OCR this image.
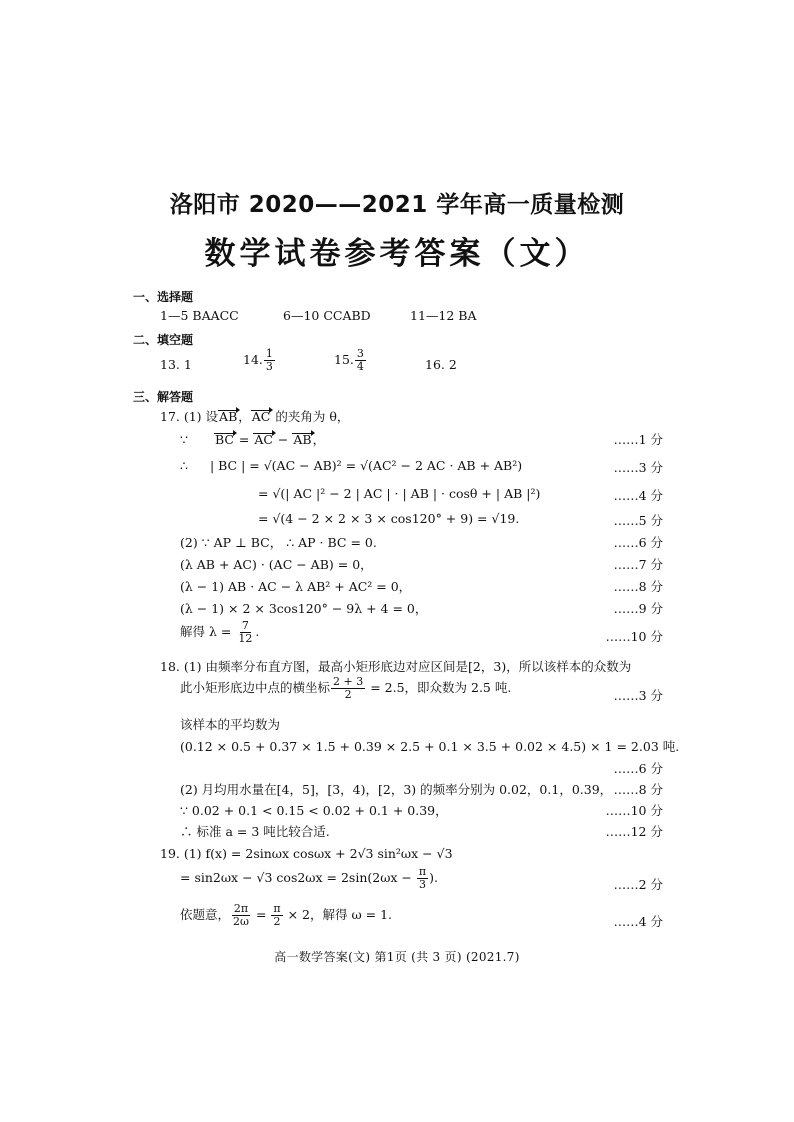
洛阳市 2020——2021 学年高一质量检测
数学试卷参考答案（文）
一、选择题
1—5 BAACC	6—10 CCABD	11—12 BA
二、填空题
13. 1	14. $\frac{1}{3}$	15. $\frac{3}{4}$	16. 2
三、解答题
17. (1) 设AB，AC 的夹角为 θ，
∵ BC = AC − AB，	……1 分
∴ | BC | = √(AC − AB)² = √(AC² − 2 AC · AB + AB²)	……3 分
= √(| AC |² − 2 | AC | · | AB | · cosθ + | AB |²)	……4 分
= √(4 − 2 × 2 × 3 × cos120° + 9) = √19.	……5 分
(2) ∵ AP ⊥ BC， ∴ AP · BC = 0.	……6 分
(λ AB + AC) · (AC − AB) = 0，	……7 分
(λ − 1) AB · AC − λ AB² + AC² = 0，	……8 分
(λ − 1) × 2 × 3cos120° − 9λ + 4 = 0，	……9 分
解得 $\lambda = \frac{7}{12}$ .	……10 分
18. (1) 由频率分布直方图，最高小矩形底边对应区间是[2，3)，所以该样本的众数为
此小矩形底边中点的横坐标 $\frac{2 + 3}{2} = 2.5$，即众数为 2.5 吨.
……3 分
该样本的平均数为
(0.12 × 0.5 + 0.37 × 1.5 + 0.39 × 2.5 + 0.1 × 3.5 + 0.02 × 4.5) × 1 = 2.03 吨.
……6 分
(2) 月均用水量在[4，5]，[3，4)，[2，3) 的频率分别为 0.02，0.1，0.39， ……8 分
∵ 0.02 + 0.1 < 0.15 < 0.02 + 0.1 + 0.39，	……10 分
∴ 标准 a = 3 吨比较合适.	……12 分
19. (1) f(x) = 2sinωx cosωx + 2√3 sin²ωx − √3
= sin2ωx − √3 $\cos 2\omega x = 2\sin(2\omega x - \frac{\pi}{3}$ ).	……2 分
依题意， $\frac{2\pi}{2\omega} = \frac{\pi}{2} \times 2$，解得 ω = 1.	……4 分
高一数学答案(文) 第1页 (共 3 页) (2021.7)
